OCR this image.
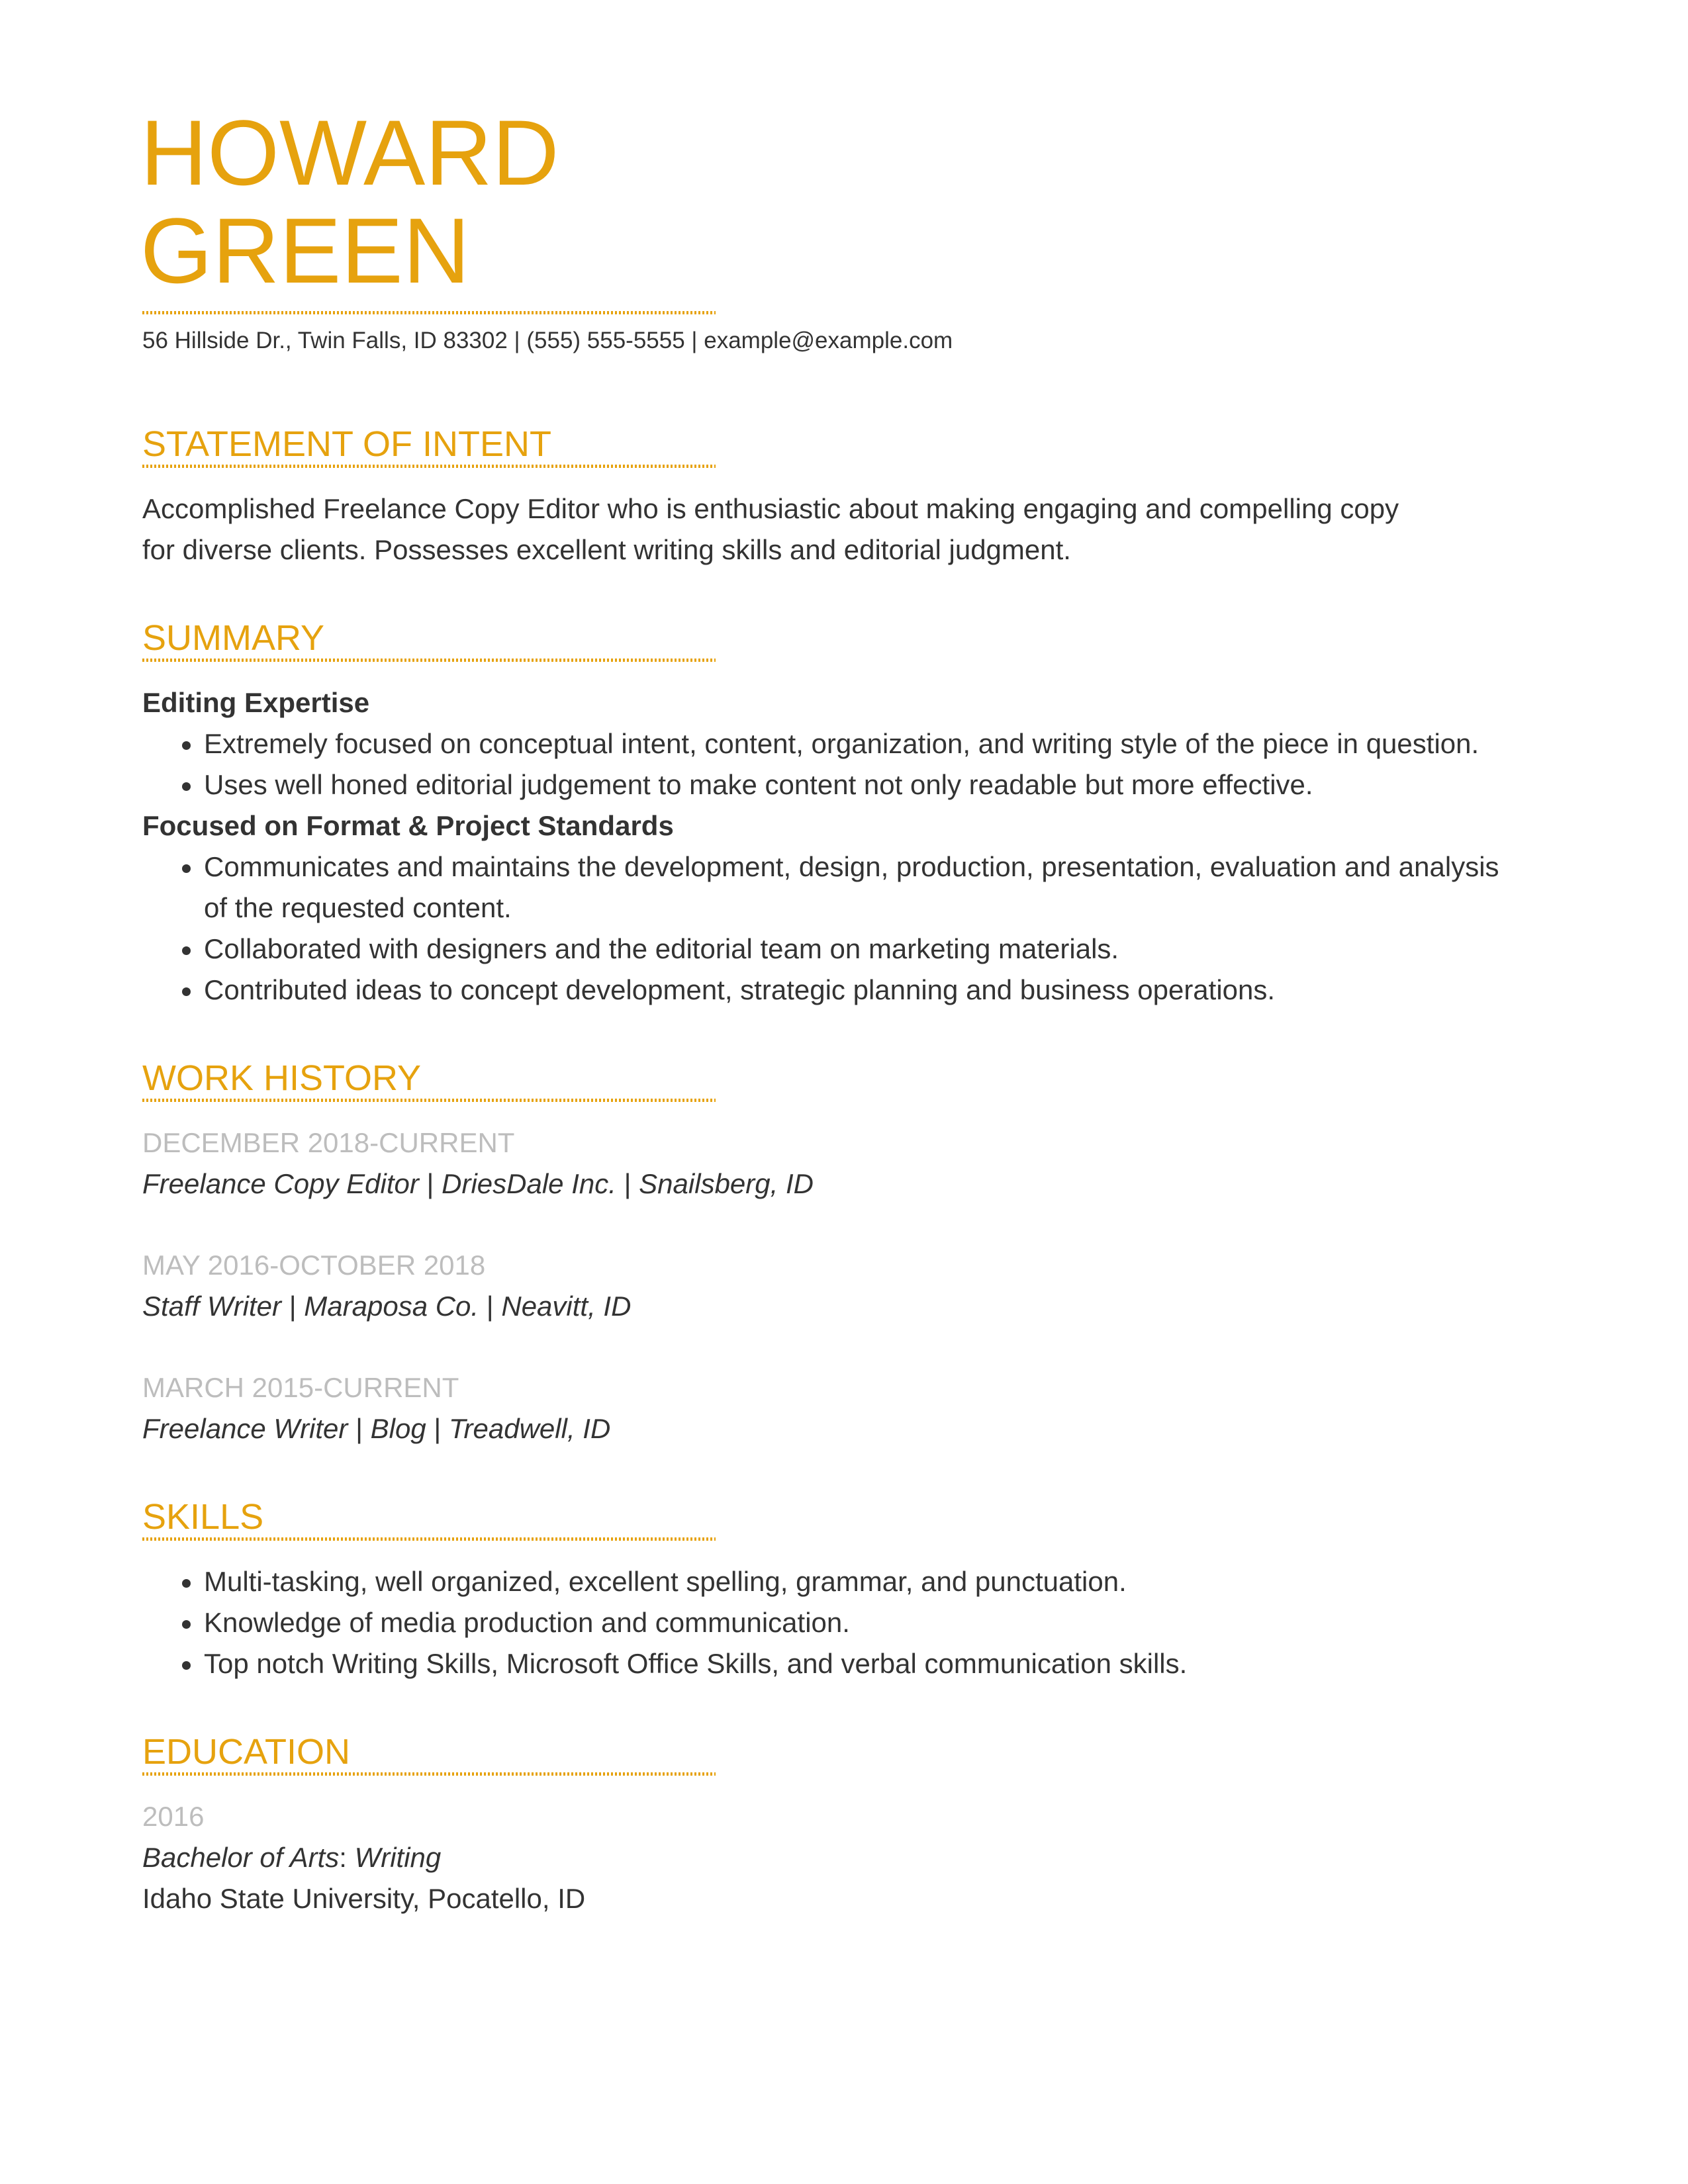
HOWARD
GREEN
56 Hillside Dr., Twin Falls, ID 83302 | (555) 555-5555 | example@example.com
STATEMENT OF INTENT
Accomplished Freelance Copy Editor who is enthusiastic about making engaging and compelling copy
for diverse clients. Possesses excellent writing skills and editorial judgment.
SUMMARY
Editing Expertise
Extremely focused on conceptual intent, content, organization, and writing style of the piece in question.
Uses well honed editorial judgement to make content not only readable but more effective.
Focused on Format & Project Standards
Communicates and maintains the development, design, production, presentation, evaluation and analysis of the requested content.
Collaborated with designers and the editorial team on marketing materials.
Contributed ideas to concept development, strategic planning and business operations.
WORK HISTORY
DECEMBER 2018-CURRENT
Freelance Copy Editor | DriesDale Inc. | Snailsberg, ID
MAY 2016-OCTOBER 2018
Staff Writer | Maraposa Co. | Neavitt, ID
MARCH 2015-CURRENT
Freelance Writer | Blog | Treadwell, ID
SKILLS
Multi-tasking, well organized, excellent spelling, grammar, and punctuation.
Knowledge of media production and communication.
Top notch Writing Skills, Microsoft Office Skills, and verbal communication skills.
EDUCATION
2016
Bachelor of Arts: Writing
Idaho State University, Pocatello, ID
